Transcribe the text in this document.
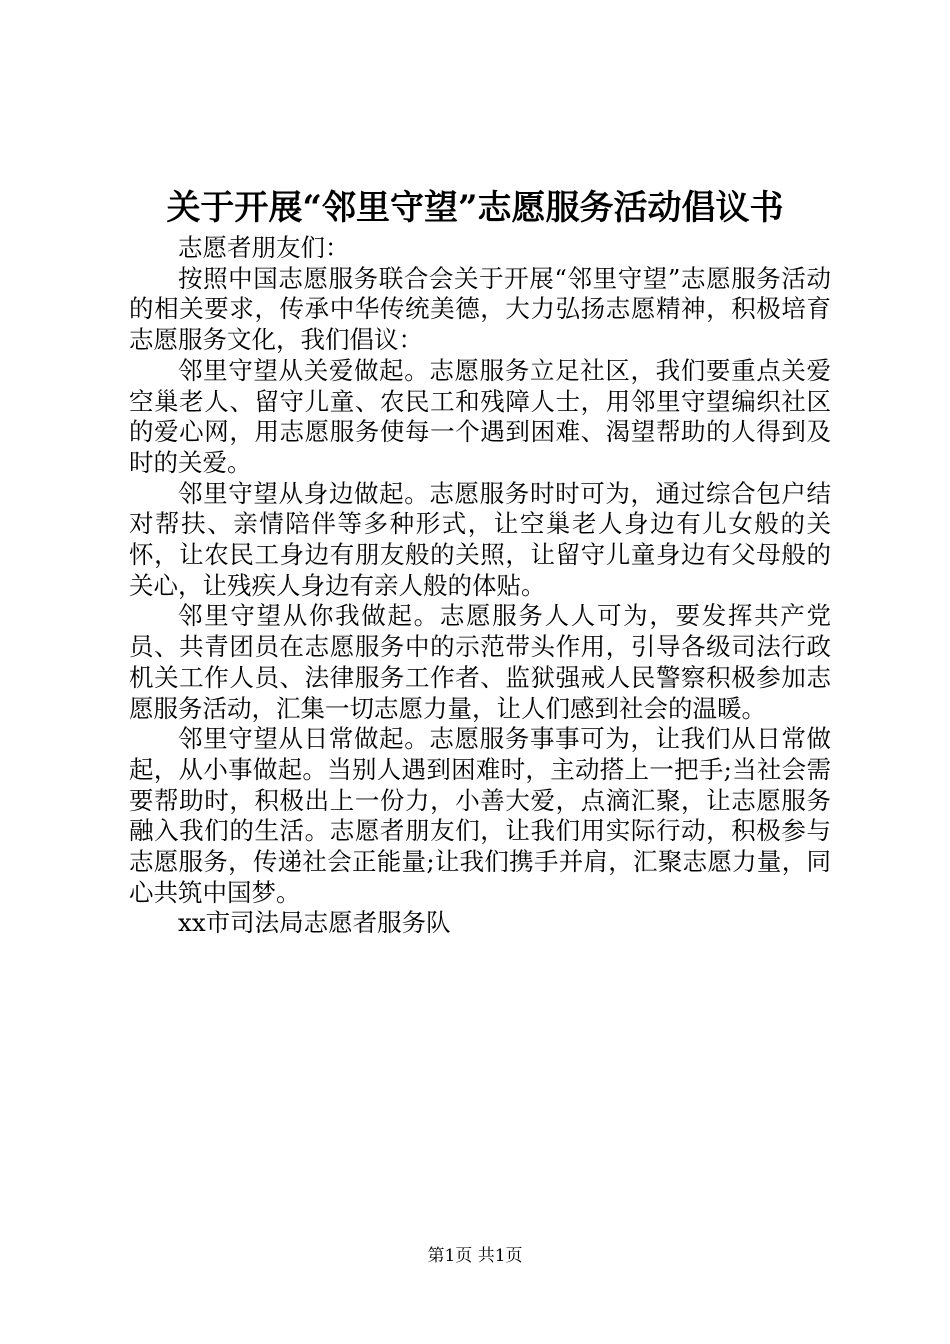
关于开展“邻里守望”志愿服务活动倡议书

志愿者朋友们：

按照中国志愿服务联合会关于开展“邻里守望”志愿服务活动的相关要求，传承中华传统美德，大力弘扬志愿精神，积极培育志愿服务文化，我们倡议：

邻里守望从关爱做起。志愿服务立足社区，我们要重点关爱空巢老人、留守儿童、农民工和残障人士，用邻里守望编织社区的爱心网，用志愿服务使每一个遇到困难、渴望帮助的人得到及时的关爱。

邻里守望从身边做起。志愿服务时时可为，通过综合包户结对帮扶、亲情陪伴等多种形式，让空巢老人身边有儿女般的关怀，让农民工身边有朋友般的关照，让留守儿童身边有父母般的关心，让残疾人身边有亲人般的体贴。

邻里守望从你我做起。志愿服务人人可为，要发挥共产党员、共青团员在志愿服务中的示范带头作用，引导各级司法行政机关工作人员、法律服务工作者、监狱强戒人民警察积极参加志愿服务活动，汇集一切志愿力量，让人们感到社会的温暖。

邻里守望从日常做起。志愿服务事事可为，让我们从日常做起，从小事做起。当别人遇到困难时，主动搭上一把手;当社会需要帮助时，积极出上一份力，小善大爱，点滴汇聚，让志愿服务融入我们的生活。志愿者朋友们，让我们用实际行动，积极参与志愿服务，传递社会正能量;让我们携手并肩，汇聚志愿力量，同心共筑中国梦。

xx市司法局志愿者服务队

第1页 共1页
